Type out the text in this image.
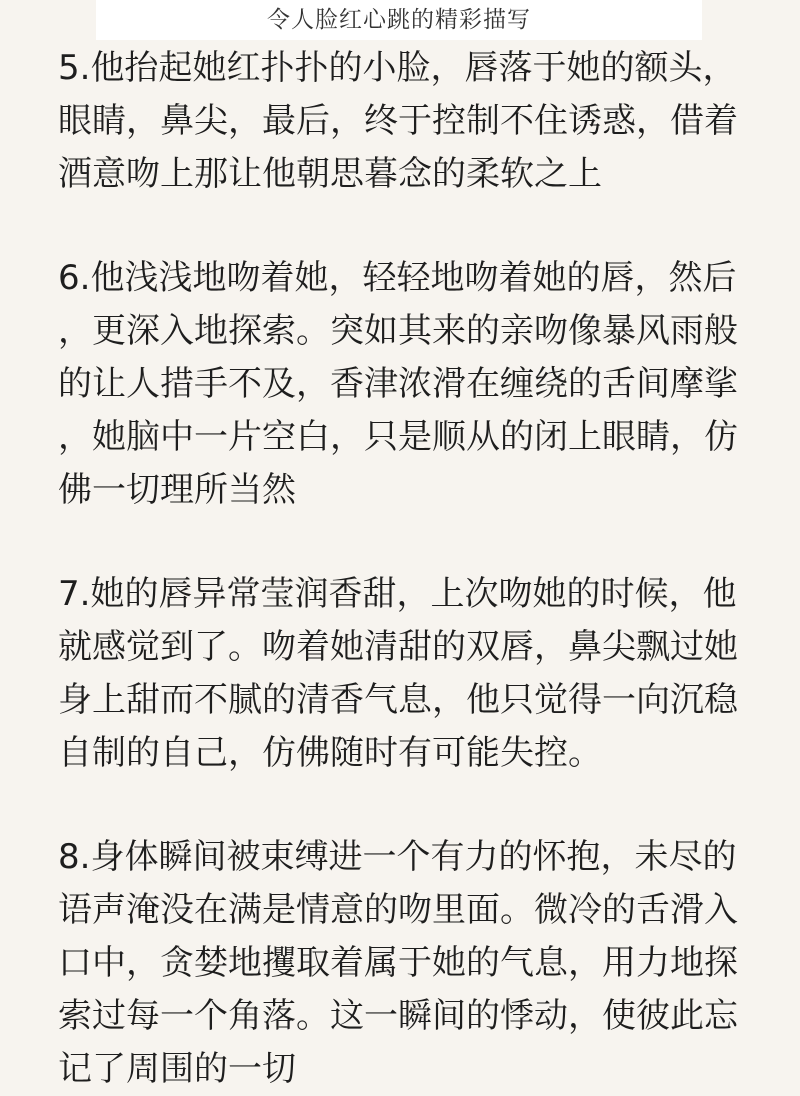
令人脸红心跳的精彩描写
5.他抬起她红扑扑的小脸，唇落于她的额头，
眼睛，鼻尖，最后，终于控制不住诱惑，借着
酒意吻上那让他朝思暮念的柔软之上
6.他浅浅地吻着她，轻轻地吻着她的唇，然后
，更深入地探索。突如其来的亲吻像暴风雨般
的让人措手不及，香津浓滑在缠绕的舌间摩挲
，她脑中一片空白，只是顺从的闭上眼睛，仿
佛一切理所当然
7.她的唇异常莹润香甜，上次吻她的时候，他
就感觉到了。吻着她清甜的双唇，鼻尖飘过她
身上甜而不腻的清香气息，他只觉得一向沉稳
自制的自己，仿佛随时有可能失控。
8.身体瞬间被束缚进一个有力的怀抱，未尽的
语声淹没在满是情意的吻里面。微冷的舌滑入
口中，贪婪地攫取着属于她的气息，用力地探
索过每一个角落。这一瞬间的悸动，使彼此忘
记了周围的一切
